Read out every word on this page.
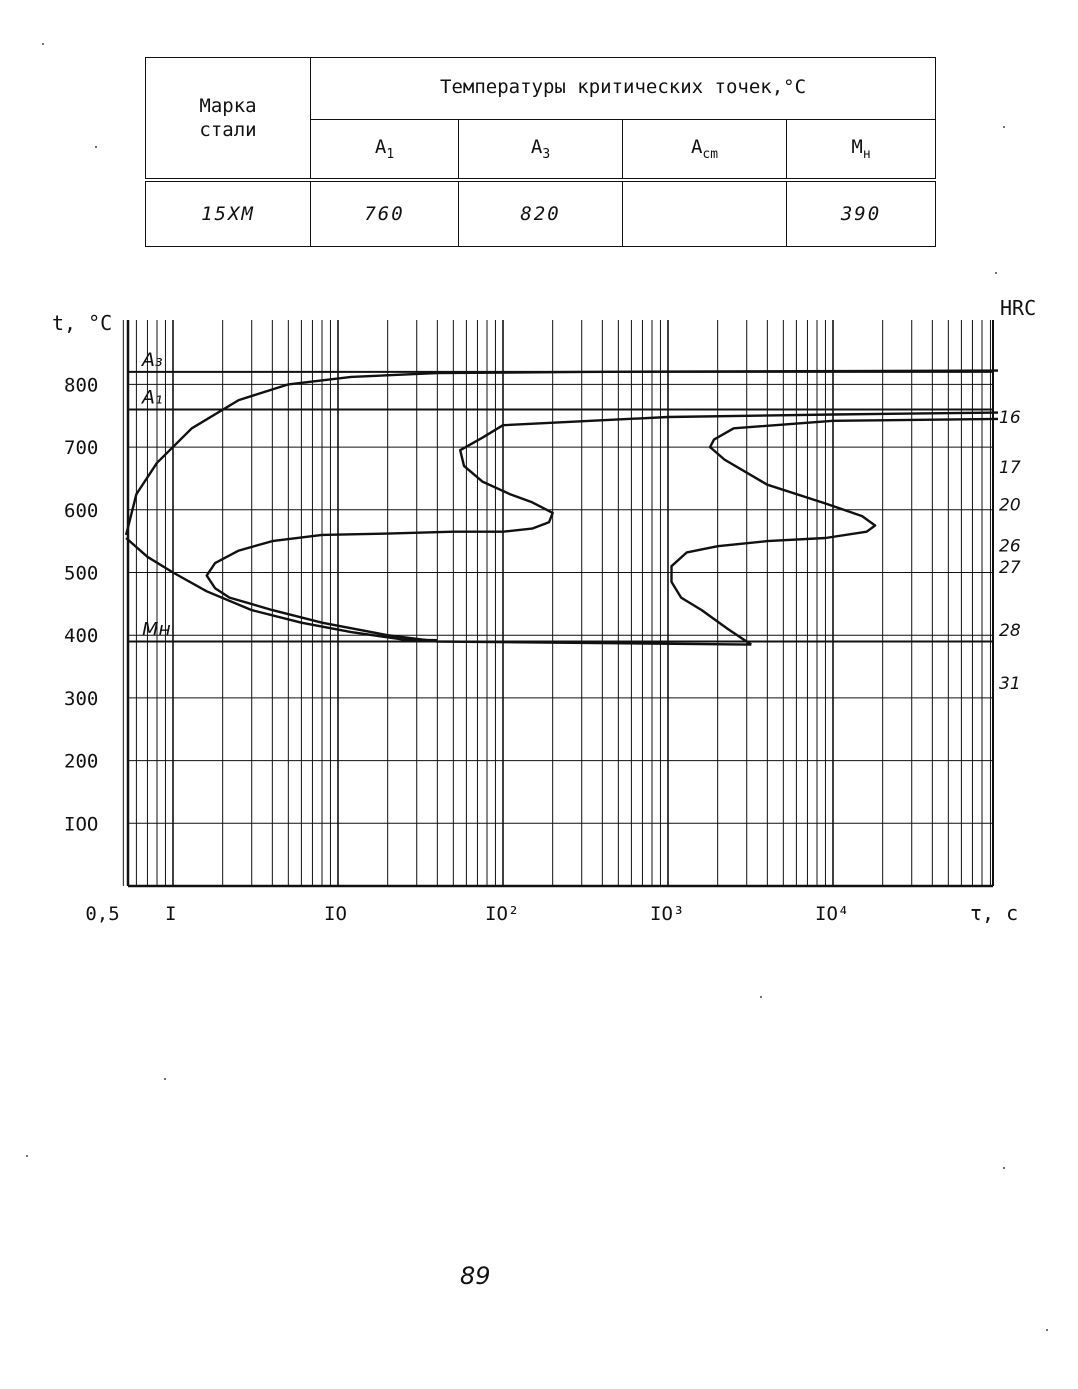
Марка
стали	Температуры критических точек,°С			
	$A_1$	$A_3$	$A_{cm}$	$M_н$
15ХМ	760	820		390
A₃
A₁
Mн
IOO
200
300
400
500
600
700
800
0,5 I	IO	IO²	IO³	IO⁴
t, °С
τ, с
HRC
16
17
20
26
27
28
31
89
